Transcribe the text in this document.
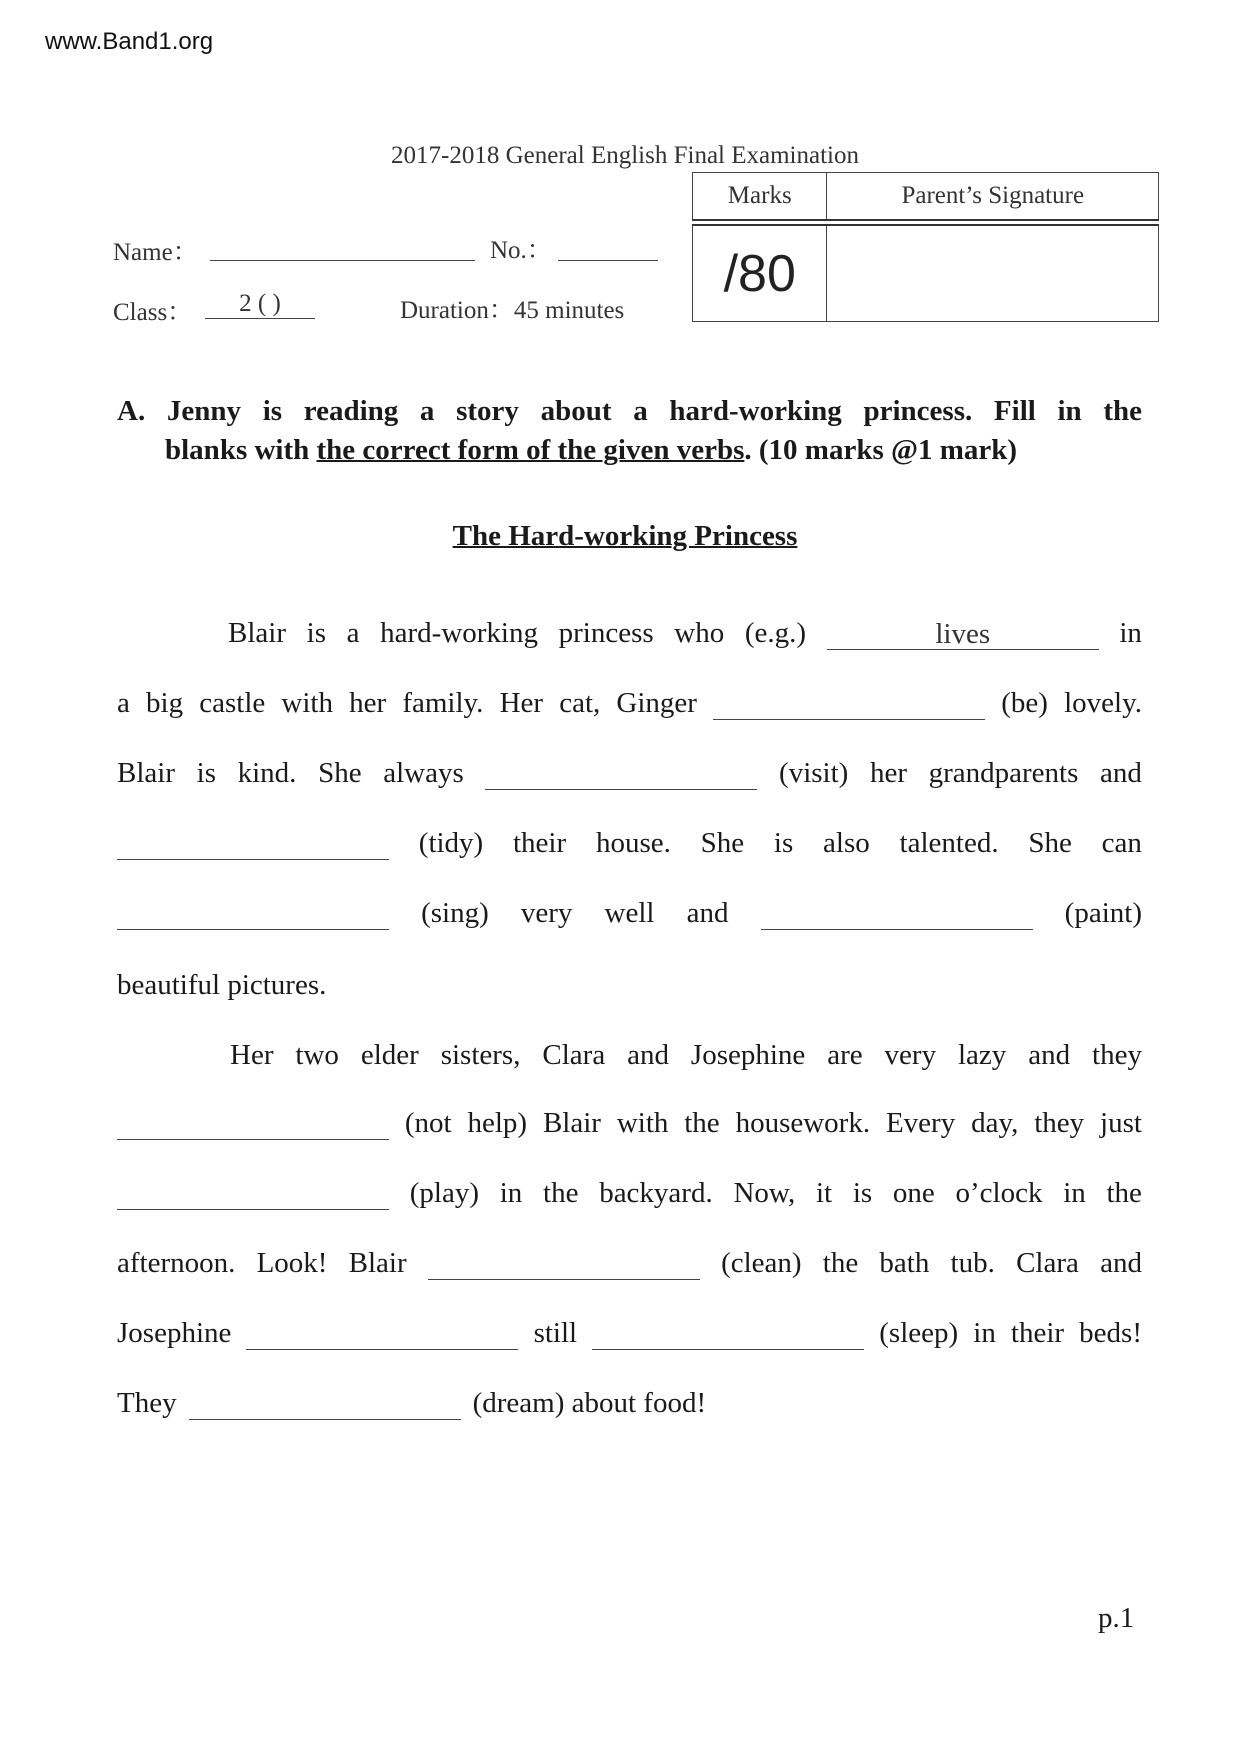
www.Band1.org
2017-2018 General English Final Examination
Marks	Parent’s Signature
/80	
Name：	No.：
Class：	2 ( )	Duration：45 minutes
A. Jenny is reading a story about a hard-working princess. Fill in the
blanks with the correct form of the given verbs. (10 marks @1 mark)
The Hard-working Princess
Blair is a hard-working princess who (e.g.)	lives	in
a big castle with her family. Her cat, Ginger	(be) lovely.
Blair is kind. She always	(visit) her grandparents and
(tidy) their house. She is also talented. She can
(sing) very well and	(paint)
beautiful pictures.
Her two elder sisters, Clara and Josephine are very lazy and they
(not help) Blair with the housework. Every day, they just
(play) in the backyard. Now, it is one o’clock in the
afternoon. Look! Blair	(clean) the bath tub. Clara and
Josephine	still	(sleep) in their beds!
They	(dream) about food!
p.1
